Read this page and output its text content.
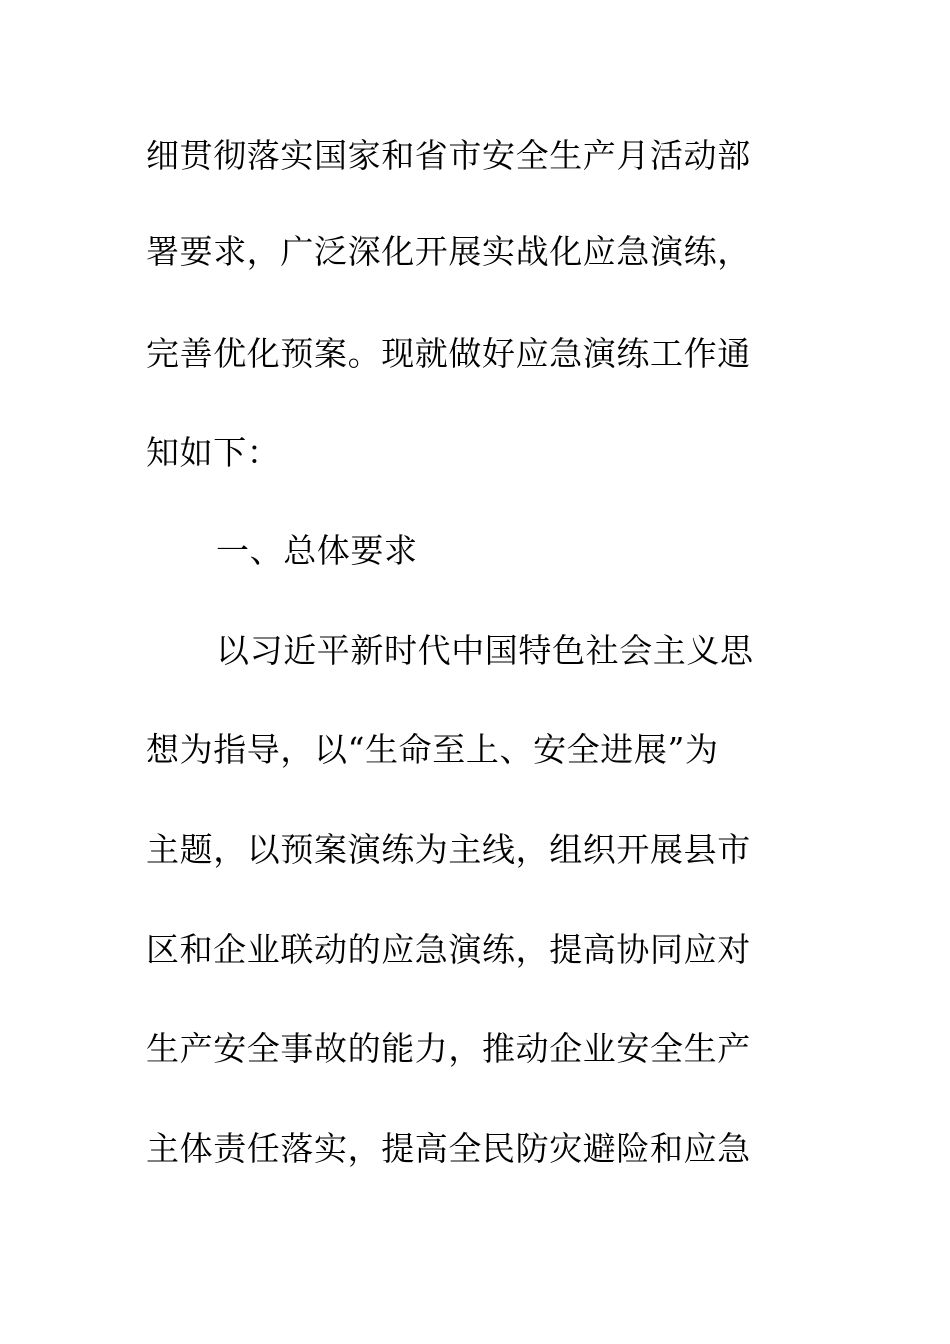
细贯彻落实国家和省市安全生产月活动部
署要求，广泛深化开展实战化应急演练，
完善优化预案。现就做好应急演练工作通
知如下：
一、总体要求
以习近平新时代中国特色社会主义思
想为指导，以“生命至上、安全进展”为
主题，以预案演练为主线，组织开展县市
区和企业联动的应急演练，提高协同应对
生产安全事故的能力，推动企业安全生产
主体责任落实，提高全民防灾避险和应急
